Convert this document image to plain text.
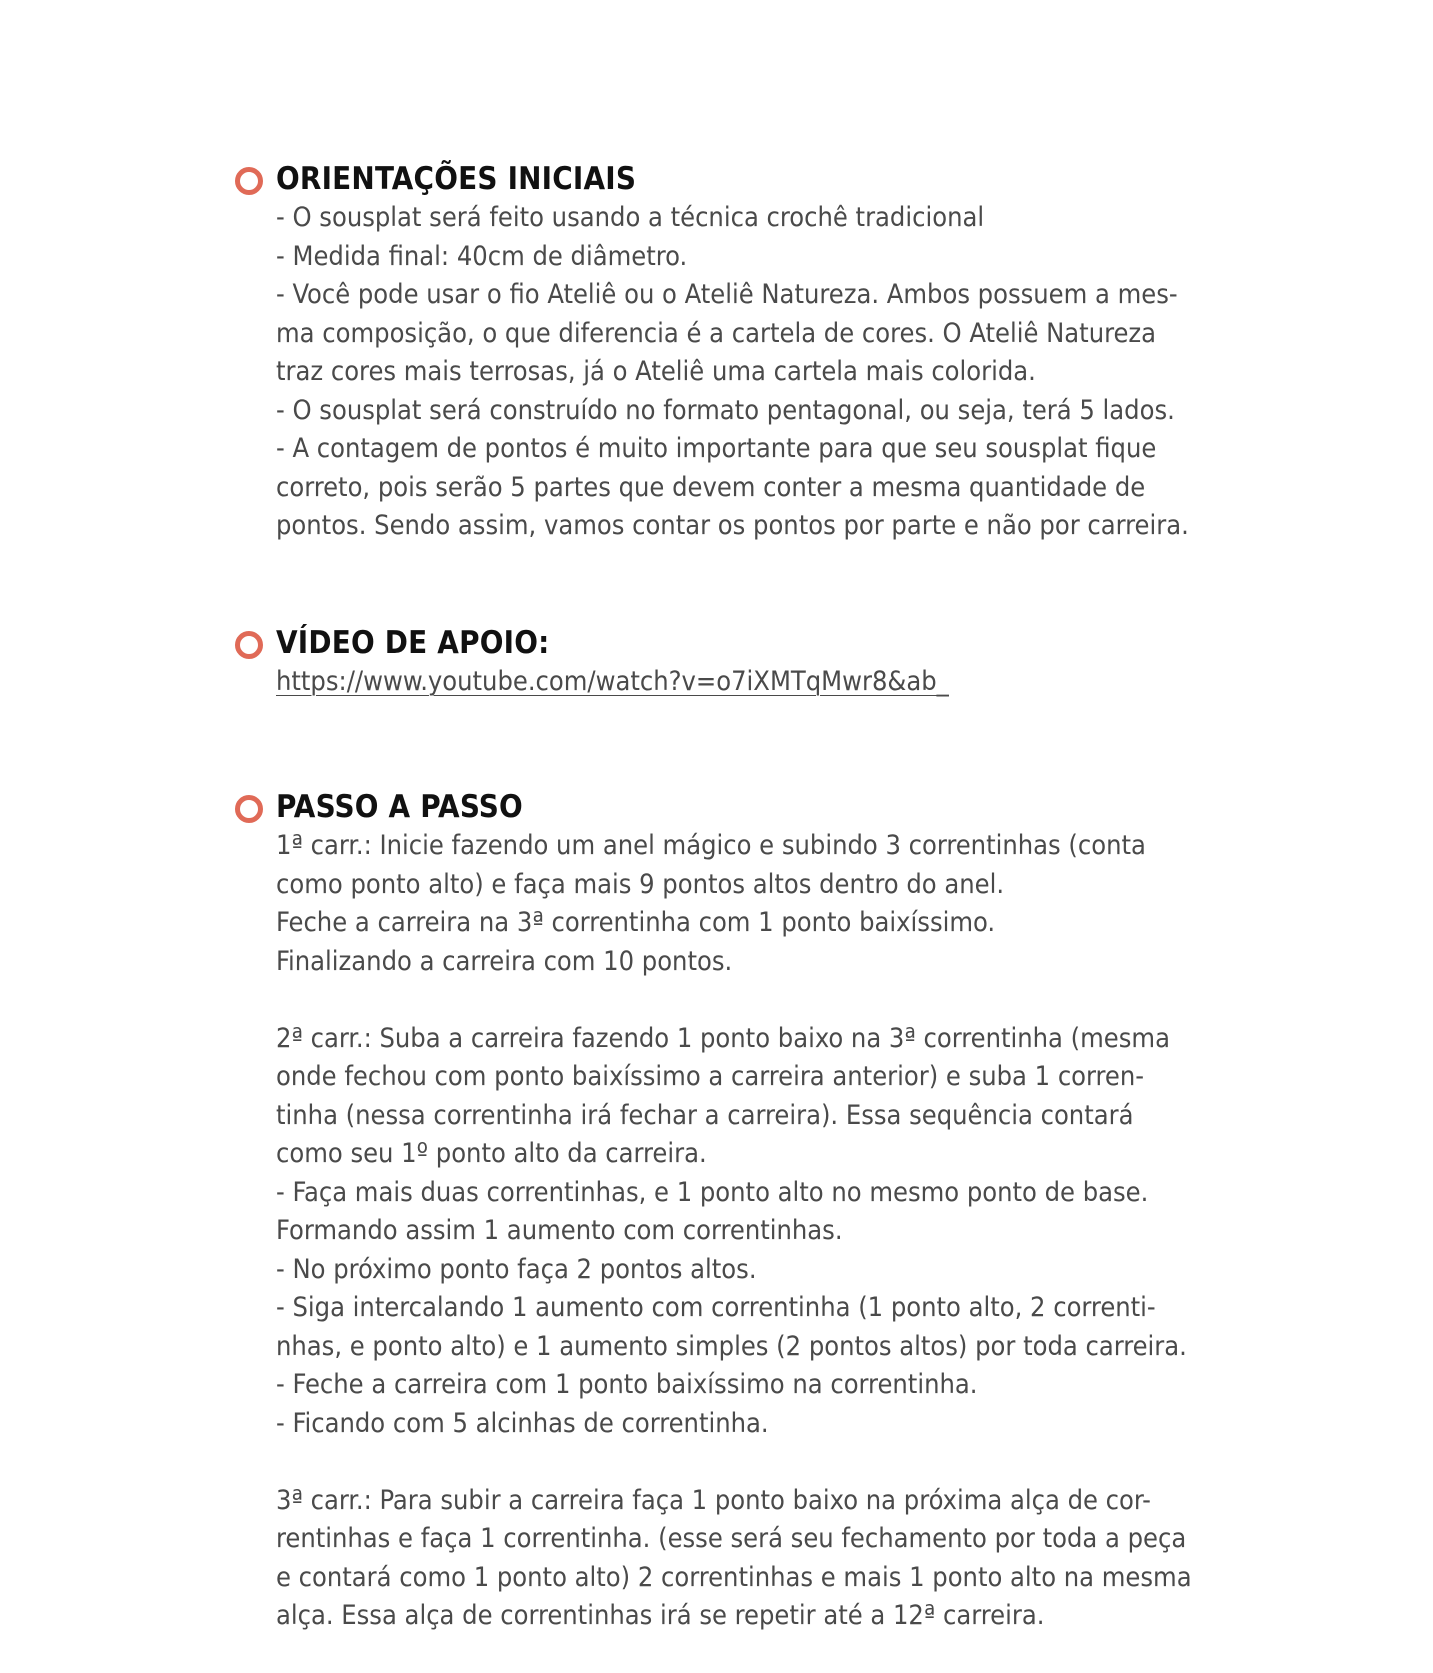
ORIENTAÇÕES INICIAIS
- O sousplat será feito usando a técnica crochê tradicional
- Medida final: 40cm de diâmetro.
- Você pode usar o fio Ateliê ou o Ateliê Natureza. Ambos possuem a mes-
ma composição, o que diferencia é a cartela de cores. O Ateliê Natureza
traz cores mais terrosas, já o Ateliê uma cartela mais colorida.
- O sousplat será construído no formato pentagonal, ou seja, terá 5 lados.
- A contagem de pontos é muito importante para que seu sousplat fique
correto, pois serão 5 partes que devem conter a mesma quantidade de
pontos. Sendo assim, vamos contar os pontos por parte e não por carreira.
VÍDEO DE APOIO:
https://www.youtube.com/watch?v=o7iXMTqMwr8&ab_
PASSO A PASSO
1ª carr.: Inicie fazendo um anel mágico e subindo 3 correntinhas (conta
como ponto alto) e faça mais 9 pontos altos dentro do anel.
Feche a carreira na 3ª correntinha com 1 ponto baixíssimo.
Finalizando a carreira com 10 pontos.
2ª carr.: Suba a carreira fazendo 1 ponto baixo na 3ª correntinha (mesma
onde fechou com ponto baixíssimo a carreira anterior) e suba 1 corren-
tinha (nessa correntinha irá fechar a carreira). Essa sequência contará
como seu 1º ponto alto da carreira.
- Faça mais duas correntinhas, e 1 ponto alto no mesmo ponto de base.
Formando assim 1 aumento com correntinhas.
- No próximo ponto faça 2 pontos altos.
- Siga intercalando 1 aumento com correntinha (1 ponto alto, 2 correnti-
nhas, e ponto alto) e 1 aumento simples (2 pontos altos) por toda carreira.
- Feche a carreira com 1 ponto baixíssimo na correntinha.
- Ficando com 5 alcinhas de correntinha.
3ª carr.: Para subir a carreira faça 1 ponto baixo na próxima alça de cor-
rentinhas e faça 1 correntinha. (esse será seu fechamento por toda a peça
e contará como 1 ponto alto) 2 correntinhas e mais 1 ponto alto na mesma
alça. Essa alça de correntinhas irá se repetir até a 12ª carreira.
